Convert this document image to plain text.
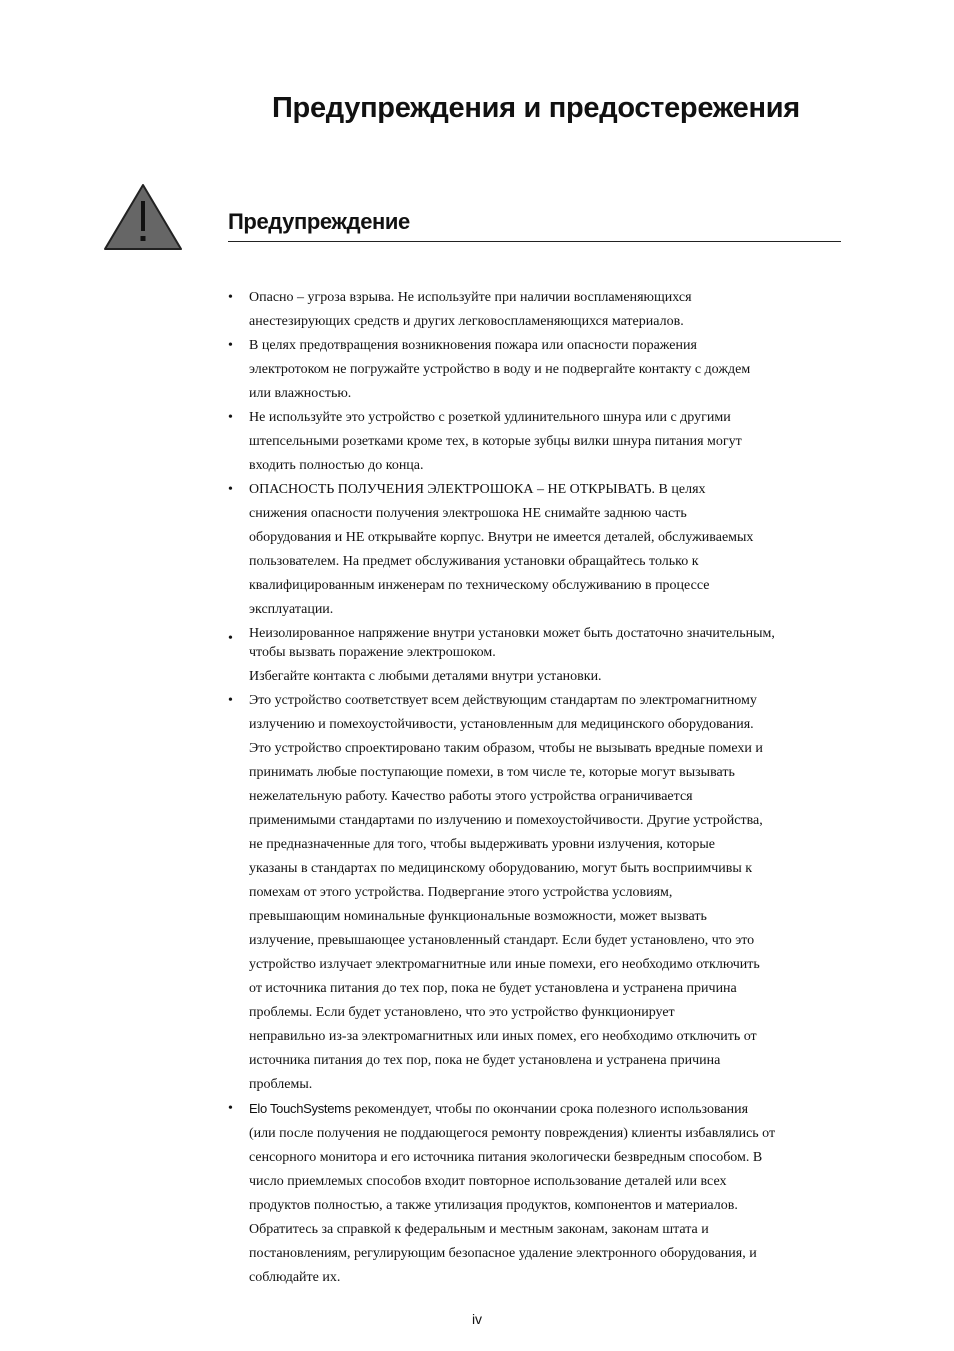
Предупреждения и предостережения
Предупреждение
• Опасно – угроза взрыва. Не используйте при наличии воспламеняющихся
анестезирующих средств и других легковоспламеняющихся материалов.
• В целях предотвращения возникновения пожара или опасности поражения
электротоком не погружайте устройство в воду и не подвергайте контакту с дождем
или влажностью.
• Не используйте это устройство с розеткой удлинительного шнура или с другими
штепсельными розетками кроме тех, в которые зубцы вилки шнура питания могут
входить полностью до конца.
• ОПАСНОСТЬ ПОЛУЧЕНИЯ ЭЛЕКТРОШОКА – НЕ ОТКРЫВАТЬ. В целях
снижения опасности получения электрошока НЕ снимайте заднюю часть
оборудования и НЕ открывайте корпус. Внутри не имеется деталей, обслуживаемых
пользователем. На предмет обслуживания установки обращайтесь только к
квалифицированным инженерам по техническому обслуживанию в процессе
эксплуатации.
• Неизолированное напряжение внутри установки может быть достаточно значительным,
чтобы вызвать поражение электрошоком.
Избегайте контакта с любыми деталями внутри установки.
• Это устройство соответствует всем действующим стандартам по электромагнитному
излучению и помехоустойчивости, установленным для медицинского оборудования.
Это устройство спроектировано таким образом, чтобы не вызывать вредные помехи и
принимать любые поступающие помехи, в том числе те, которые могут вызывать
нежелательную работу. Качество работы этого устройства ограничивается
применимыми стандартами по излучению и помехоустойчивости. Другие устройства,
не предназначенные для того, чтобы выдерживать уровни излучения, которые
указаны в стандартах по медицинскому оборудованию, могут быть восприимчивы к
помехам от этого устройства. Подвергание этого устройства условиям,
превышающим номинальные функциональные возможности, может вызвать
излучение, превышающее установленный стандарт. Если будет установлено, что это
устройство излучает электромагнитные или иные помехи, его необходимо отключить
от источника питания до тех пор, пока не будет установлена и устранена причина
проблемы. Если будет установлено, что это устройство функционирует
неправильно из-за электромагнитных или иных помех, его необходимо отключить от
источника питания до тех пор, пока не будет установлена и устранена причина
проблемы.
• Elo TouchSystems рекомендует, чтобы по окончании срока полезного использования
(или после получения не поддающегося ремонту повреждения) клиенты избавлялись от
сенсорного монитора и его источника питания экологически безвредным способом. В
число приемлемых способов входит повторное использование деталей или всех
продуктов полностью, а также утилизация продуктов, компонентов и материалов.
Обратитесь за справкой к федеральным и местным законам, законам штата и
постановлениям, регулирующим безопасное удаление электронного оборудования, и
соблюдайте их.
iv
